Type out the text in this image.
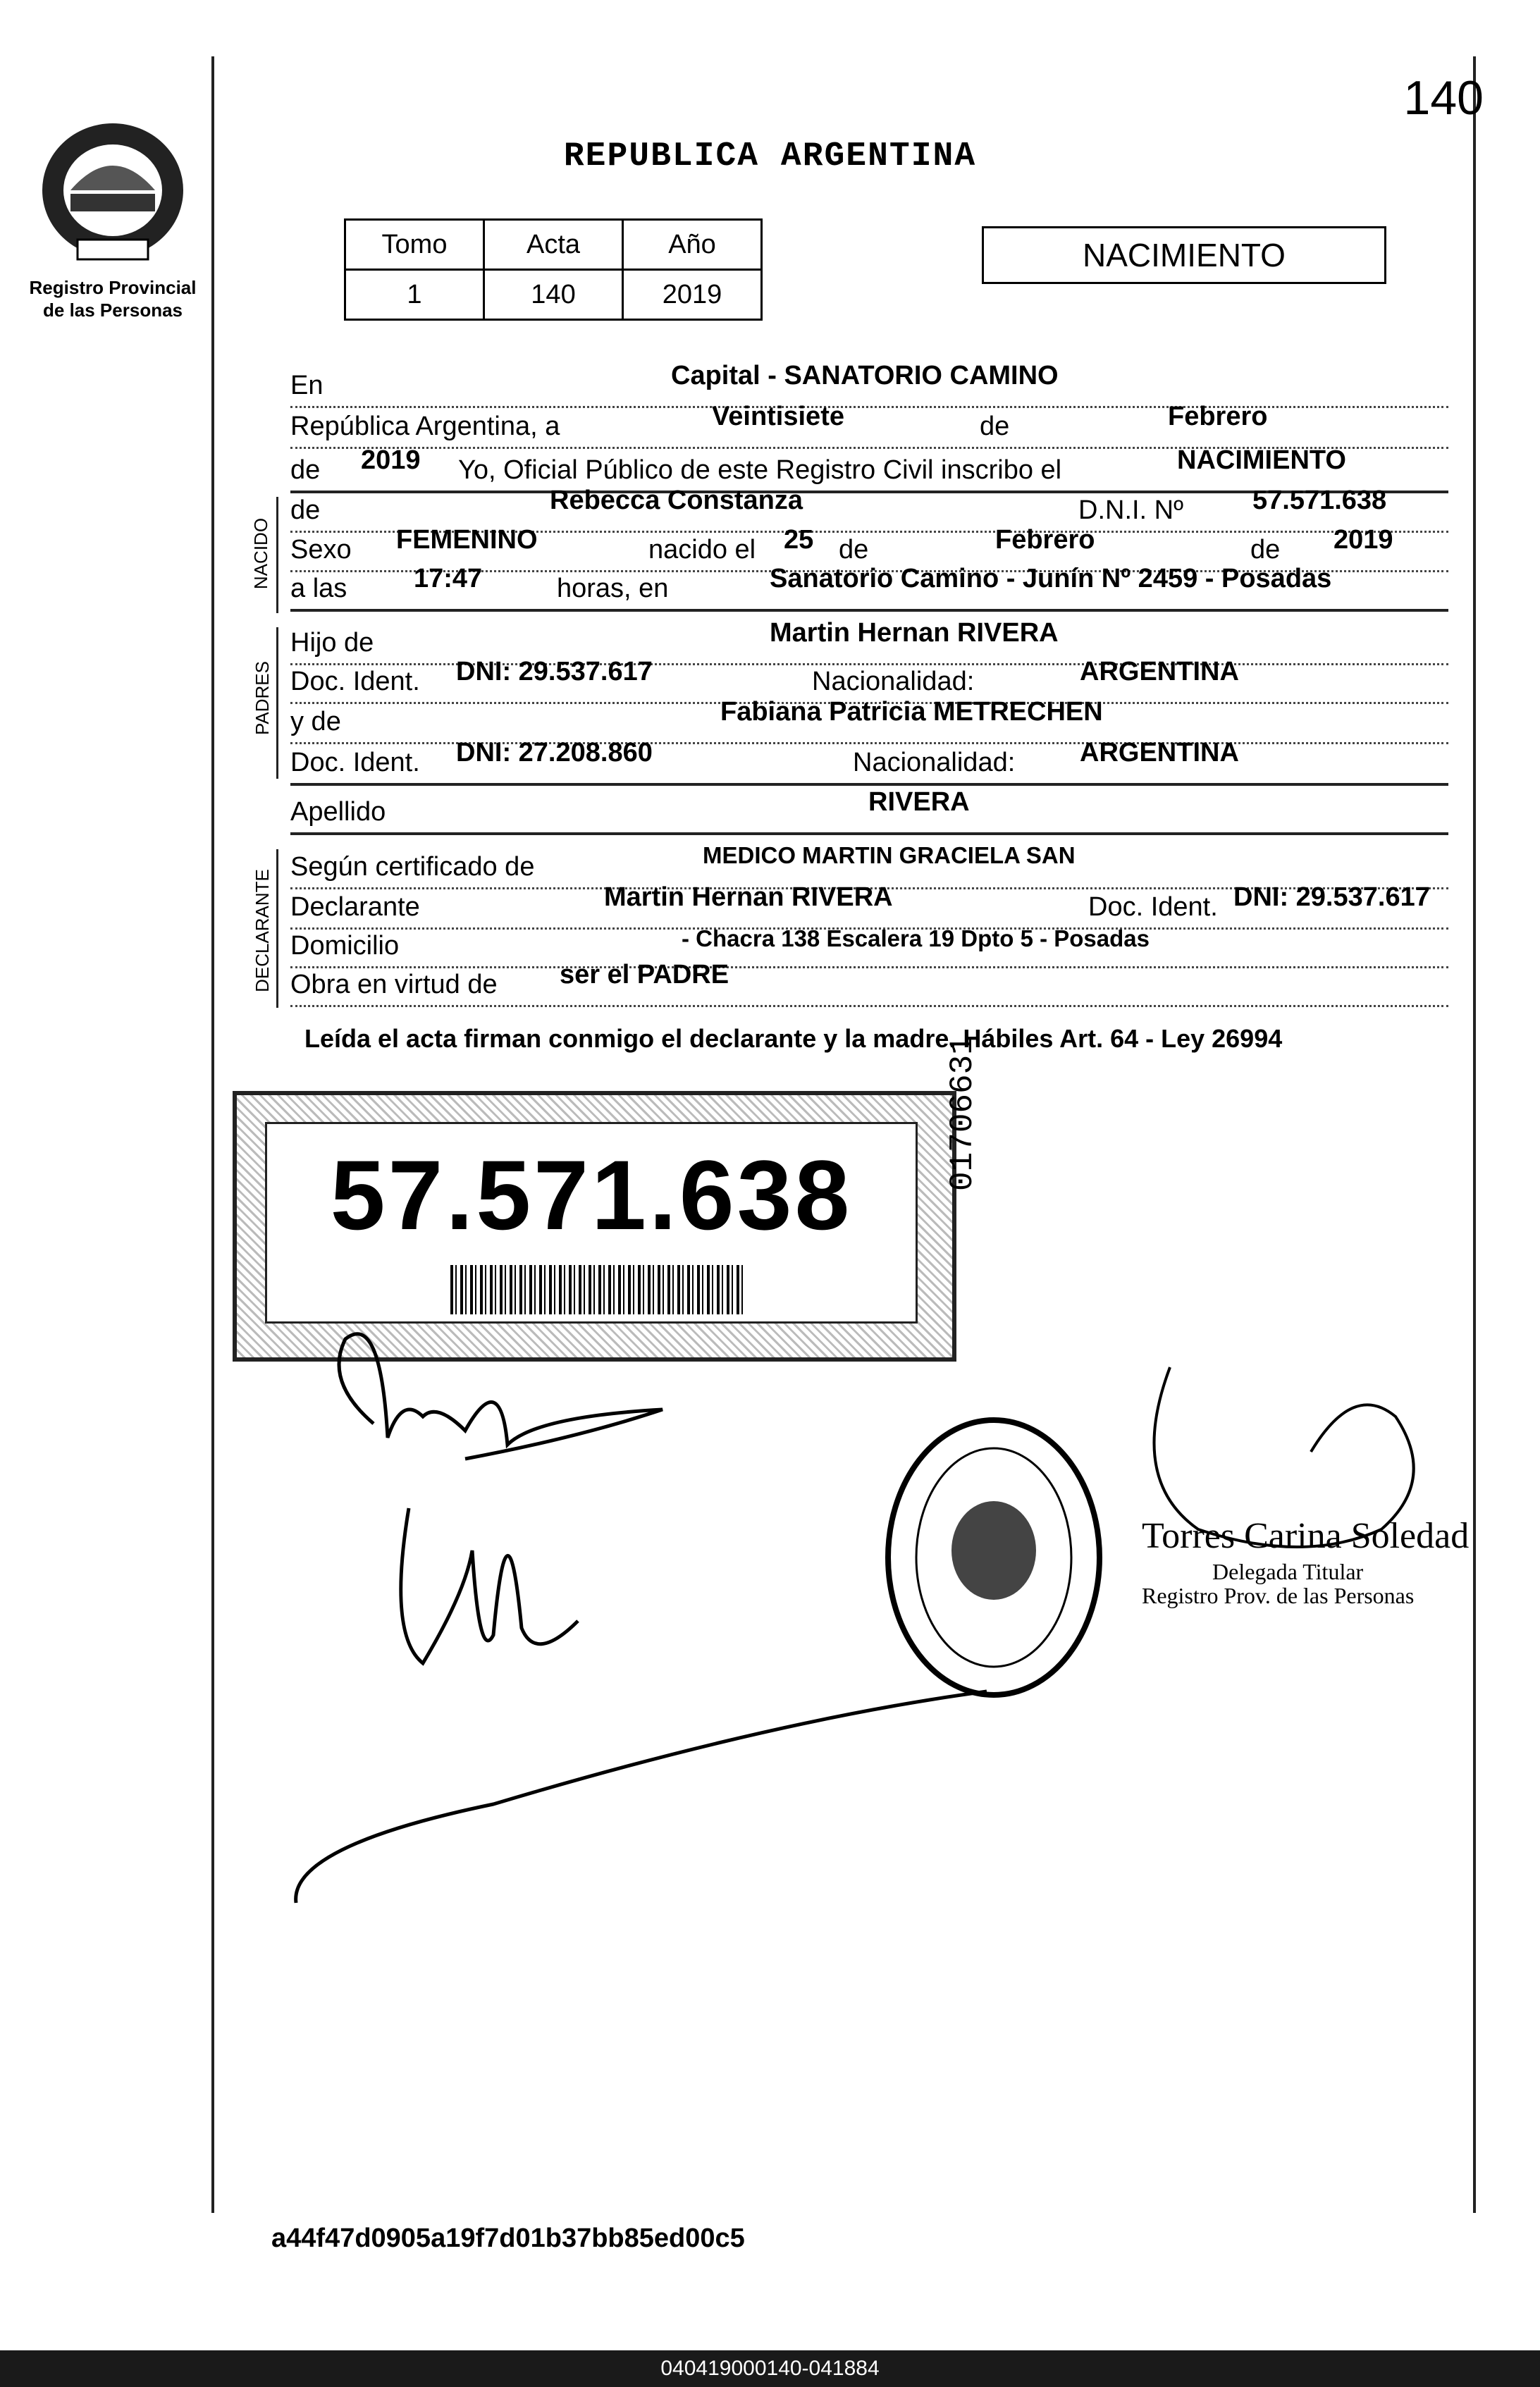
Registro Provincial
de las Personas
140
REPUBLICA ARGENTINA
Tomo	Acta	Año
1	140	2019
NACIMIENTO
En	Capital - SANATORIO CAMINO
República Argentina, a	Veintisiete	de	Febrero
de 2019 Yo, Oficial Público de este Registro Civil inscribo el	NACIMIENTO
NACIDO
de	Rebecca Constanza	D.N.I. Nº	57.571.638
Sexo FEMENINO	nacido el 25 de	Febrero	de 2019
a las 17:47	horas, en	Sanatorio Camino - Junín Nº 2459 - Posadas
PADRES
Hijo de	Martin Hernan RIVERA
Doc. Ident. DNI: 29.537.617	Nacionalidad:	ARGENTINA
y de	Fabiana Patricia METRECHEN
Doc. Ident. DNI: 27.208.860	Nacionalidad: ARGENTINA
Apellido	RIVERA
DECLARANTE
Según certificado de	MEDICO MARTIN GRACIELA SAN
Declarante	Martin Hernan RIVERA	Doc. Ident. DNI: 29.537.617
Domicilio	- Chacra 138 Escalera 19 Dpto 5 - Posadas
Obra en virtud de ser el PADRE
Leída el acta firman conmigo el declarante y la madre. Hábiles Art. 64 - Ley 26994
57.571.638
01706631
Torres Carina Soledad
Delegada Titular
Registro Prov. de las Personas
a44f47d0905a19f7d01b37bb85ed00c5
040419000140-041884
